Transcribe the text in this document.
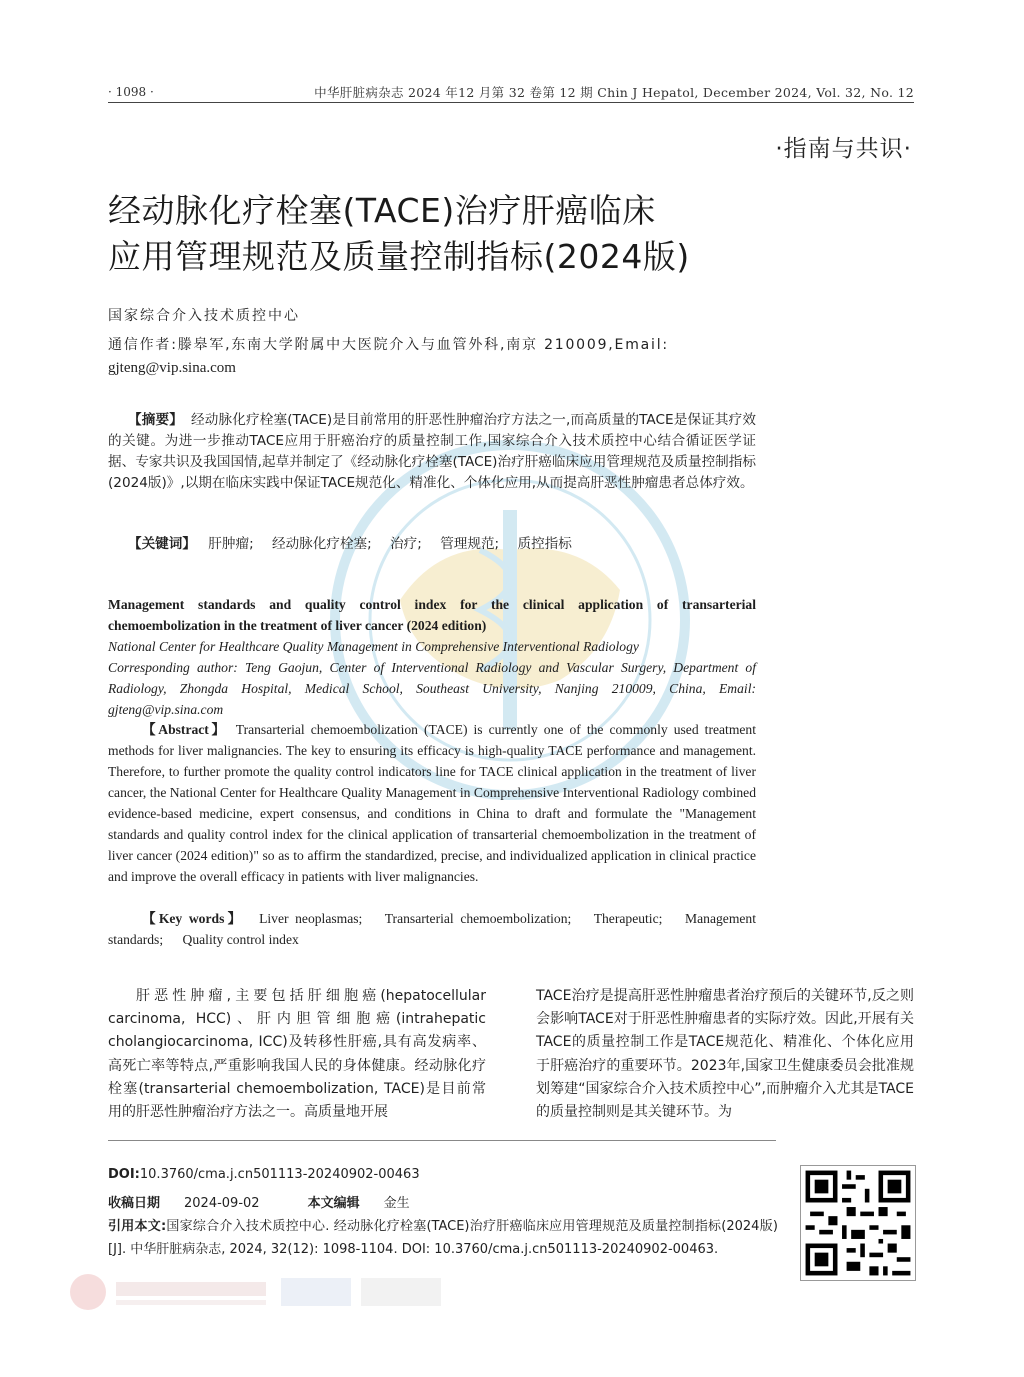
· 1098 ·	中华肝脏病杂志 2024 年12 月第 32 卷第 12 期 Chin J Hepatol, December 2024, Vol. 32, No. 12
·指南与共识·
经动脉化疗栓塞(TACE)治疗肝癌临床
应用管理规范及质量控制指标(2024版)
国家综合介入技术质控中心
通信作者:滕皋军,东南大学附属中大医院介入与血管外科,南京 210009,Email:
gjteng@vip.sina.com
【摘要】 经动脉化疗栓塞(TACE)是目前常用的肝恶性肿瘤治疗方法之一,而高质量的TACE是保证其疗效的关键。为进一步推动TACE应用于肝癌治疗的质量控制工作,国家综合介入技术质控中心结合循证医学证据、专家共识及我国国情,起草并制定了《经动脉化疗栓塞(TACE)治疗肝癌临床应用管理规范及质量控制指标(2024版)》,以期在临床实践中保证TACE规范化、精准化、个体化应用,从而提高肝恶性肿瘤患者总体疗效。
【关键词】 肝肿瘤; 经动脉化疗栓塞; 治疗; 管理规范; 质控指标
Management standards and quality control index for the clinical application of transarterial chemoembolization in the treatment of liver cancer (2024 edition)
National Center for Healthcare Quality Management in Comprehensive Interventional Radiology
Corresponding author: Teng Gaojun, Center of Interventional Radiology and Vascular Surgery, Department of Radiology, Zhongda Hospital, Medical School, Southeast University, Nanjing 210009, China, Email: gjteng@vip.sina.com
【Abstract】 Transarterial chemoembolization (TACE) is currently one of the commonly used treatment methods for liver malignancies. The key to ensuring its efficacy is high-quality TACE performance and management. Therefore, to further promote the quality control indicators line for TACE clinical application in the treatment of liver cancer, the National Center for Healthcare Quality Management in Comprehensive Interventional Radiology combined evidence-based medicine, expert consensus, and conditions in China to draft and formulate the "Management standards and quality control index for the clinical application of transarterial chemoembolization in the treatment of liver cancer (2024 edition)" so as to affirm the standardized, precise, and individualized application in clinical practice and improve the overall efficacy in patients with liver malignancies.
【Key words】 Liver neoplasmas; Transarterial chemoembolization; Therapeutic; Management standards; Quality control index
肝恶性肿瘤,主要包括肝细胞癌(hepatocellular carcinoma, HCC)、肝内胆管细胞癌(intrahepatic cholangiocarcinoma, ICC)及转移性肝癌,具有高发病率、高死亡率等特点,严重影响我国人民的身体健康。经动脉化疗栓塞(transarterial chemoembolization, TACE)是目前常用的肝恶性肿瘤治疗方法之一。高质量地开展
TACE治疗是提高肝恶性肿瘤患者治疗预后的关键环节,反之则会影响TACE对于肝恶性肿瘤患者的实际疗效。因此,开展有关TACE的质量控制工作是TACE规范化、精准化、个体化应用于肝癌治疗的重要环节。2023年,国家卫生健康委员会批准规划筹建“国家综合介入技术质控中心”,而肿瘤介入尤其是TACE的质量控制则是其关键环节。为
DOI:10.3760/cma.j.cn501113-20240902-00463
收稿日期 2024-09-02	本文编辑 金生
引用本文:国家综合介入技术质控中心. 经动脉化疗栓塞(TACE)治疗肝癌临床应用管理规范及质量控制指标(2024版)[J]. 中华肝脏病杂志, 2024, 32(12): 1098-1104. DOI: 10.3760/cma.j.cn501113-20240902-00463.
